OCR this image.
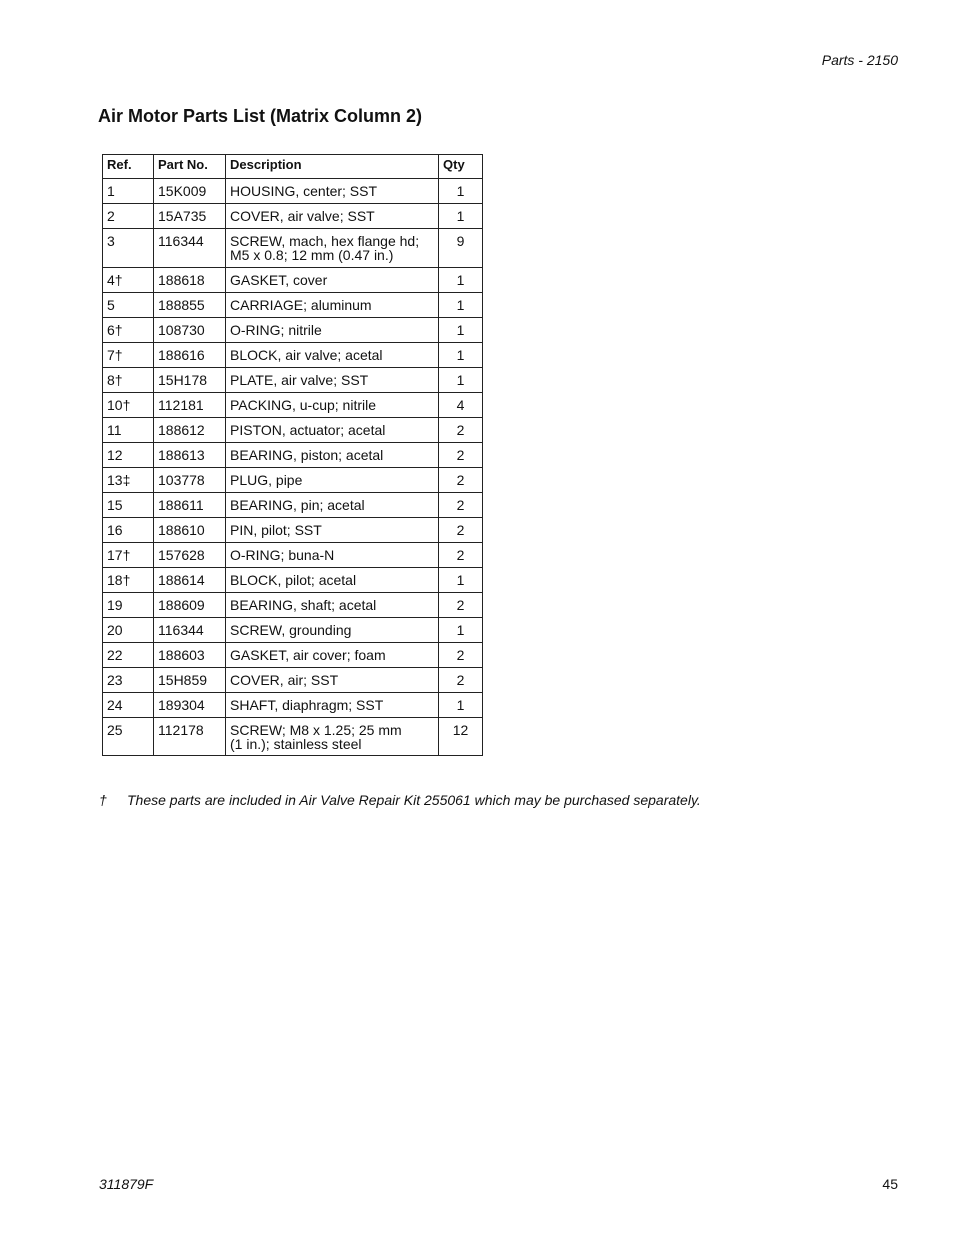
Parts - 2150
Air Motor Parts List (Matrix Column 2)
Ref.	Part No.	Description	Qty
1	15K009	HOUSING, center; SST	1
2	15A735	COVER, air valve; SST	1
3	116344	SCREW, mach, hex flange hd;
M5 x 0.8; 12 mm (0.47 in.)	9
4†	188618	GASKET, cover	1
5	188855	CARRIAGE; aluminum	1
6†	108730	O-RING; nitrile	1
7†	188616	BLOCK, air valve; acetal	1
8†	15H178	PLATE, air valve; SST	1
10†	112181	PACKING, u-cup; nitrile	4
11	188612	PISTON, actuator; acetal	2
12	188613	BEARING, piston; acetal	2
13‡	103778	PLUG, pipe	2
15	188611	BEARING, pin; acetal	2
16	188610	PIN, pilot; SST	2
17†	157628	O-RING; buna-N	2
18†	188614	BLOCK, pilot; acetal	1
19	188609	BEARING, shaft; acetal	2
20	116344	SCREW, grounding	1
22	188603	GASKET, air cover; foam	2
23	15H859	COVER, air; SST	2
24	189304	SHAFT, diaphragm; SST	1
25	112178	SCREW; M8 x 1.25; 25 mm
(1 in.); stainless steel	12
† These parts are included in Air Valve Repair Kit 255061 which may be purchased separately.
311879F	45
